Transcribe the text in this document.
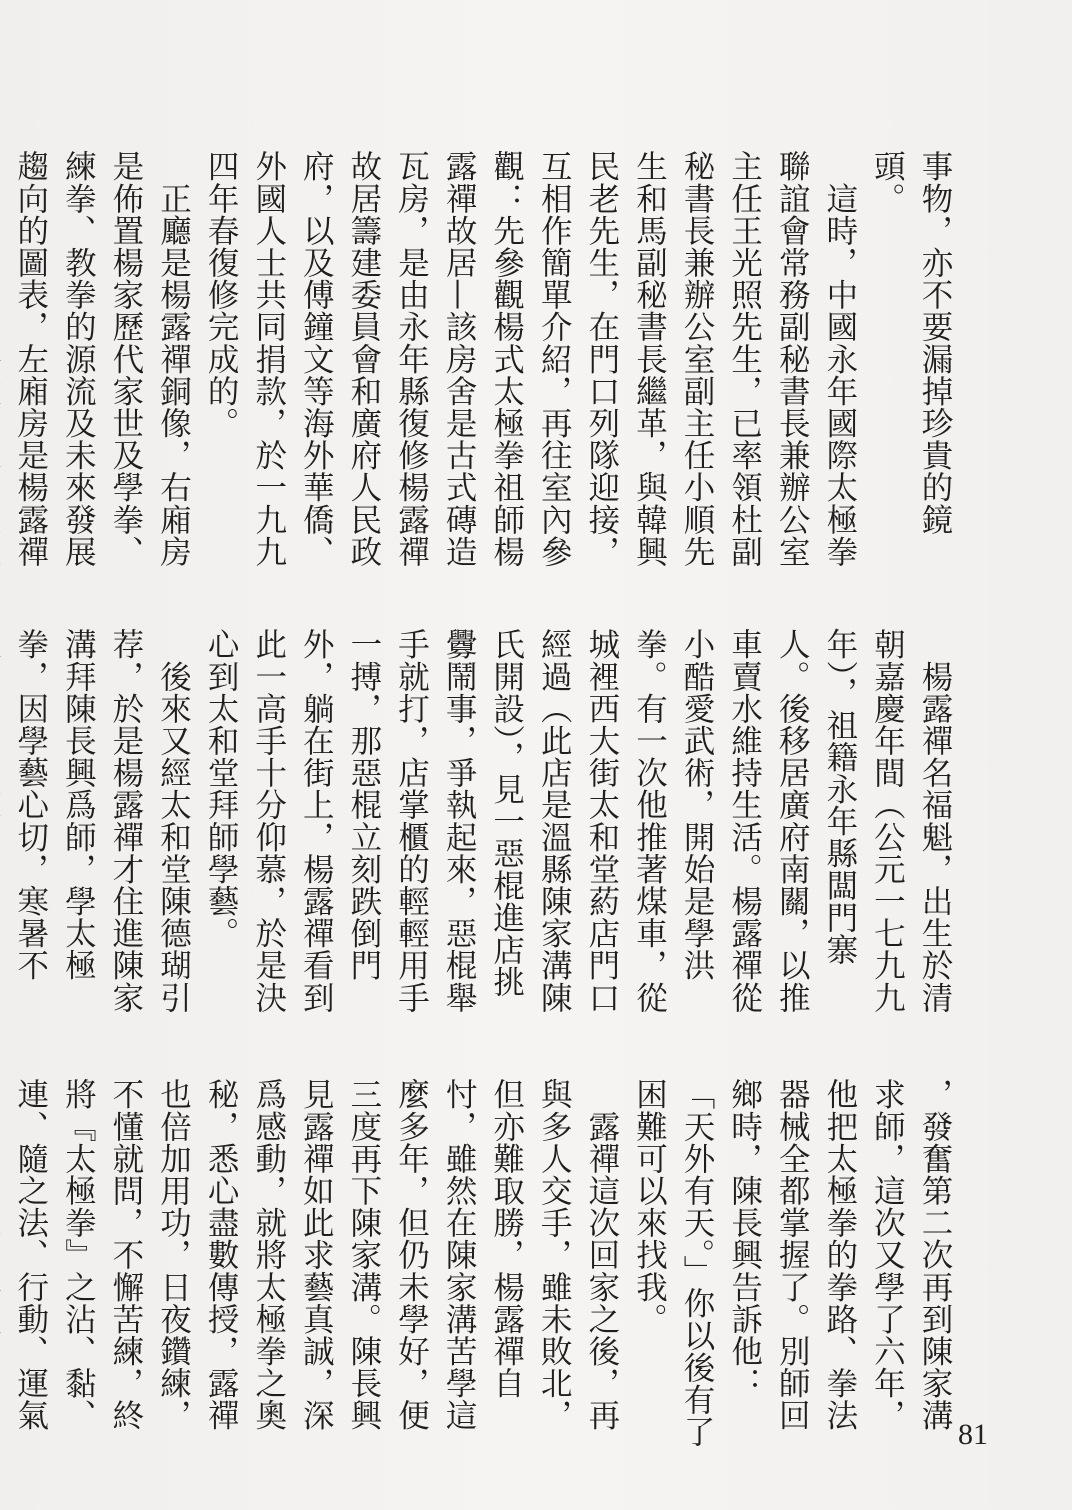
事物，亦不要漏掉珍貴的鏡頭。

　這時，中國永年國際太極拳聯誼會常務副秘書長兼辦公室主任王光照先生，已率領杜副秘書長兼辦公室副主任小順先生和馬副秘書長繼革，與韓興民老先生，在門口列隊迎接，互相作簡單介紹，再往室內參觀：先參觀楊式太極拳祖師楊露禪故居—該房舍是古式磚造瓦房，是由永年縣復修楊露禪故居籌建委員會和廣府人民政府，以及傅鐘文等海外華僑、外國人士共同捐款，於一九九四年春復修完成的。

　正廳是楊露禪銅像，右廂房是佈置楊家歷代家世及學拳、練拳、教拳的源流及未來發展趨向的圖表，左廂房是楊露禪

　楊露禪名福魁，出生於清朝嘉慶年間（公元一七九九年），祖籍永年縣闆門寨人。後移居廣府南關，以推車賣水維持生活。楊露禪從小酷愛武術，開始是學洪拳。有一次他推著煤車，從城裡西大街太和堂葯店門口經過（此店是溫縣陳家溝陳氏開設），見一惡棍進店挑釁鬧事，爭執起來，惡棍舉手就打，店掌櫃的輕輕用手一搏，那惡棍立刻跌倒門外，躺在街上，楊露禪看到此一高手十分仰慕，於是決心到太和堂拜師學藝。

　後來又經太和堂陳德瑚引荐，於是楊露禪才住進陳家溝拜陳長興爲師，學太極拳，因學藝心切，寒暑不

，發奮第二次再到陳家溝求師，這次又學了六年，他把太極拳的拳路、拳法器械全都掌握了。別師回鄉時，陳長興告訴他：「天外有天。」你以後有了困難可以來找我。

　露禪這次回家之後，再與多人交手，雖未敗北，但亦難取勝，楊露禪自忖，雖然在陳家溝苦學這麼多年，但仍未學好，便三度再下陳家溝。陳長興見露禪如此求藝真誠，深爲感動，就將太極拳之奧秘，悉心盡數傳授，露禪也倍加用功，日夜鑽練，不懂就問，不懈苦練，終將『太極拳』之沾、黏、連、隨之法、行動、運氣

81
